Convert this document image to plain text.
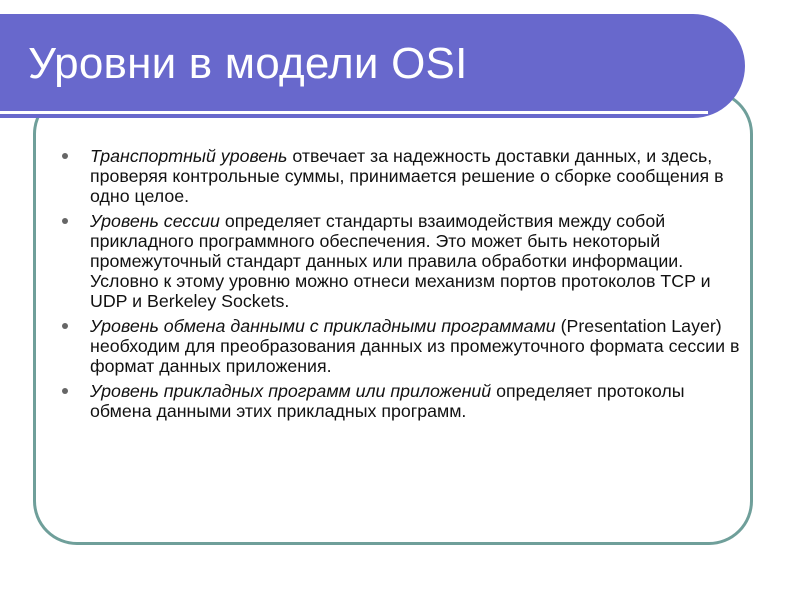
Уровни в модели OSI
Транспортный уровень отвечает за надежность доставки данных, и здесь, проверяя контрольные суммы, принимается решение о сборке сообщения в одно целое.
Уровень сессии определяет стандарты взаимодействия между собой прикладного программного обеспечения. Это может быть некоторый промежуточный стандарт данных или правила обработки информации. Условно к этому уровню можно отнеси механизм портов протоколов TCP и UDP и Berkeley Sockets.
Уровень обмена данными с прикладными программами (Presentation Layer) необходим для преобразования данных из промежуточного формата сессии в формат данных приложения.
Уровень прикладных программ или приложений определяет протоколы обмена данными этих прикладных программ.
